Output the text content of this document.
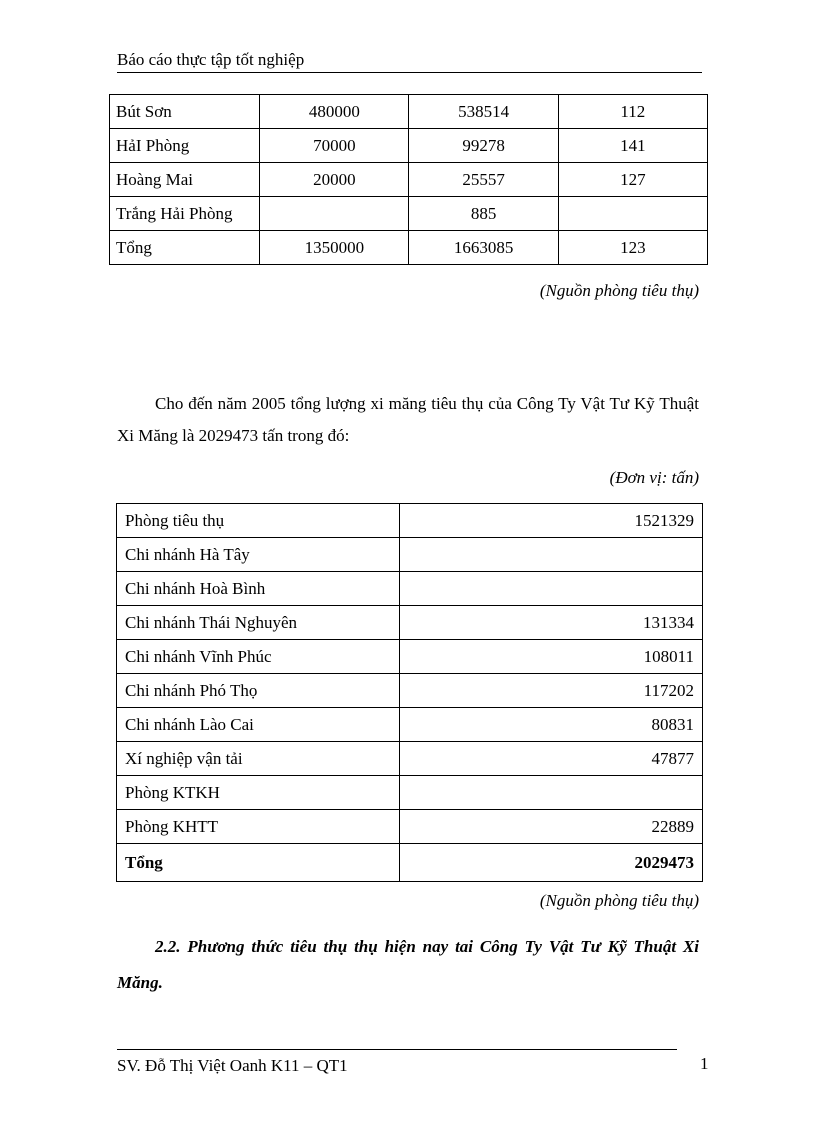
Báo cáo thực tập tốt nghiệp
Bút Sơn	480000	538514	112
HảI Phòng	70000	99278	141
Hoàng Mai	20000	25557	127
Trắng Hải Phòng		885	
Tổng	1350000	1663085	123
(Nguồn phòng tiêu thụ)

Cho đến năm 2005 tổng lượng xi măng tiêu thụ của Công Ty Vật Tư Kỹ Thuật Xi Măng là 2029473 tấn trong đó:

(Đơn vị: tấn)
Phòng tiêu thụ	1521329
Chi nhánh Hà Tây	
Chi nhánh Hoà Bình	
Chi nhánh Thái Nghuyên	131334
Chi nhánh Vĩnh Phúc	108011
Chi nhánh Phó Thọ	117202
Chi nhánh Lào Cai	80831
Xí nghiệp vận tải	47877
Phòng KTKH	
Phòng KHTT	22889
Tổng	2029473
(Nguồn phòng tiêu thụ)

2.2. Phương thức tiêu thụ thụ hiện nay tai Công Ty Vật Tư Kỹ Thuật Xi Măng.

SV. Đỗ Thị Việt Oanh K11 – QT1	1
